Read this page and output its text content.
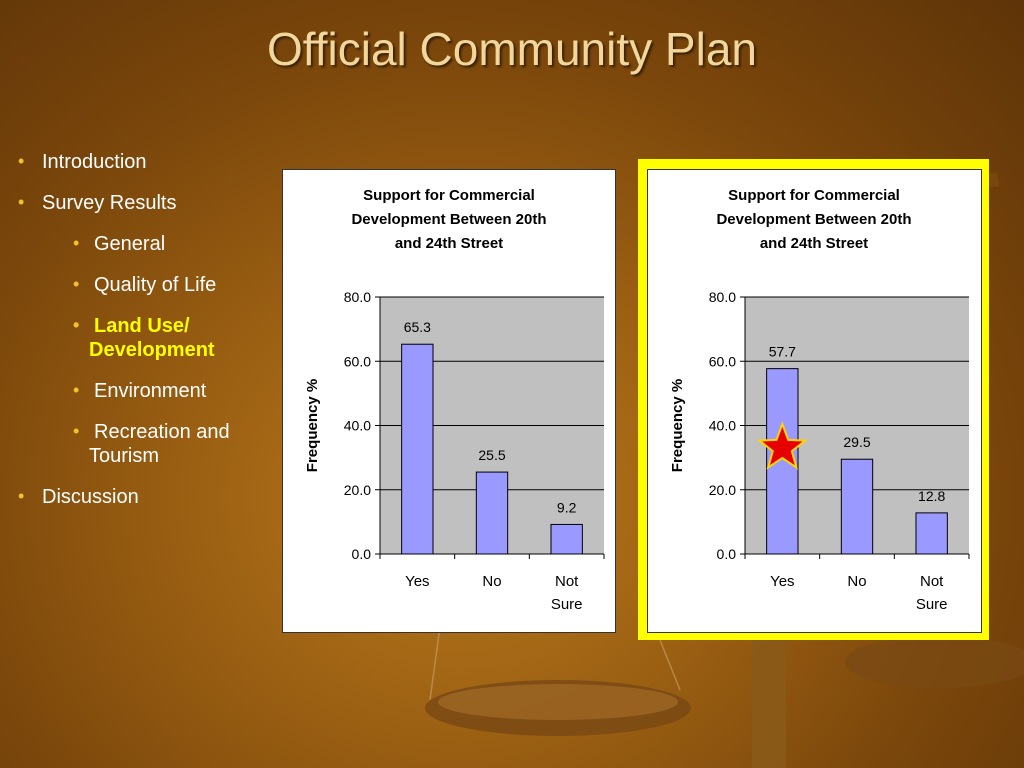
Official Community Plan
• Introduction
• Survey Results
• General
• Quality of Life
• Land Use/ Development
• Environment
• Recreation and Tourism
• Discussion
Support for Commercial
Development Between 20th
and 24th Street
0.0
20.0
40.0
60.0
80.0
Frequency %
65.3
Yes
25.5
No
9.2
Not
Sure
Support for Commercial
Development Between 20th
and 24th Street
0.0
20.0
40.0
60.0
80.0
Frequency %
57.7
Yes
29.5
No
12.8
Not
Sure
